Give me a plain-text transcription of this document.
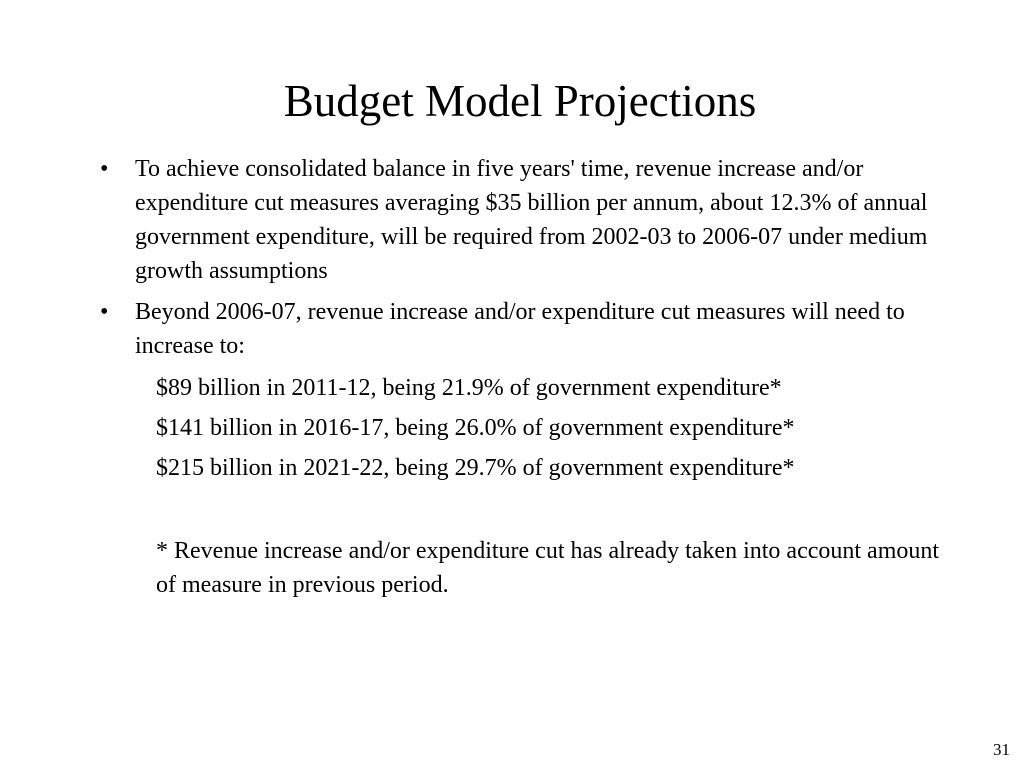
Budget Model Projections
• To achieve consolidated balance in five years' time, revenue increase and/or expenditure cut measures averaging $35 billion per annum, about 12.3% of annual government expenditure, will be required from 2002-03 to 2006-07 under medium growth assumptions

• Beyond 2006-07, revenue increase and/or expenditure cut measures will need to increase to:

$89 billion in 2011-12, being 21.9% of government expenditure*

$141 billion in 2016-17, being 26.0% of government expenditure*

$215 billion in 2021-22, being 29.7% of government expenditure*

* Revenue increase and/or expenditure cut has already taken into account amount of measure in previous period.

31
